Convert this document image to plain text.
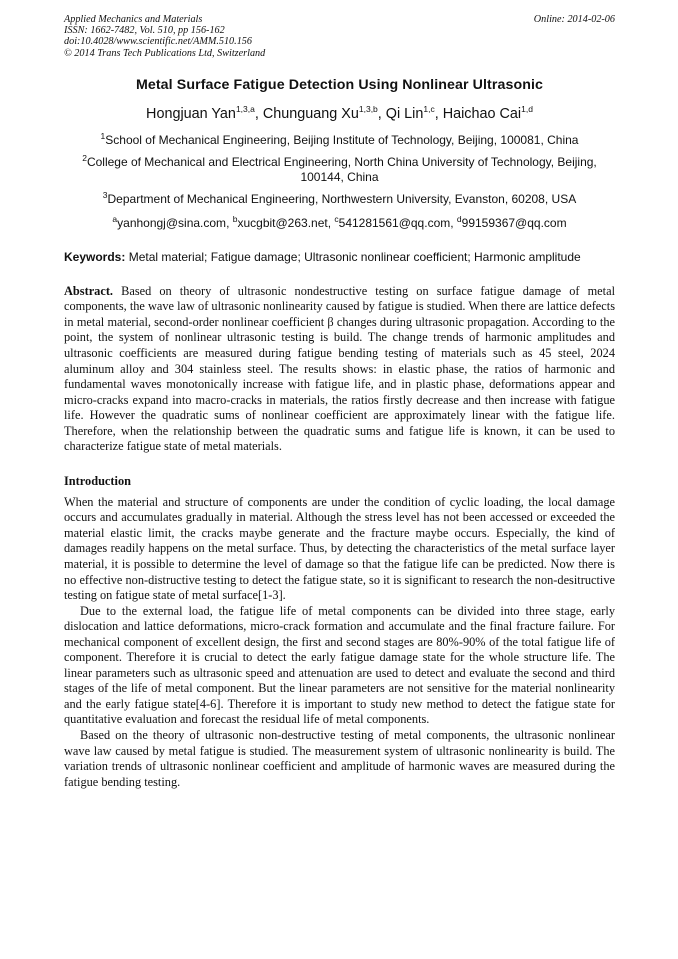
Applied Mechanics and Materials
ISSN: 1662-7482, Vol. 510, pp 156-162
doi:10.4028/www.scientific.net/AMM.510.156
© 2014 Trans Tech Publications Ltd, Switzerland
Online: 2014-02-06
Metal Surface Fatigue Detection Using Nonlinear Ultrasonic
Hongjuan Yan$^{1,3,a}$, Chunguang Xu$^{1,3,b}$, Qi Lin$^{1,c}$, Haichao Cai$^{1,d}$
$^1$School of Mechanical Engineering, Beijing Institute of Technology, Beijing, 100081, China
$^2$College of Mechanical and Electrical Engineering, North China University of Technology, Beijing, 100144, China
$^3$Department of Mechanical Engineering, Northwestern University, Evanston, 60208, USA
$^a$yanhongj@sina.com, $^b$xucgbit@263.net, $^c$541281561@qq.com, $^d$99159367@qq.com
Keywords: Metal material; Fatigue damage; Ultrasonic nonlinear coefficient; Harmonic amplitude
Abstract. Based on theory of ultrasonic nondestructive testing on surface fatigue damage of metal components, the wave law of ultrasonic nonlinearity caused by fatigue is studied. When there are lattice defects in metal material, second-order nonlinear coefficient β changes during ultrasonic propagation. According to the point, the system of nonlinear ultrasonic testing is build. The change trends of harmonic amplitudes and ultrasonic coefficients are measured during fatigue bending testing of materials such as 45 steel, 2024 aluminum alloy and 304 stainless steel. The results shows: in elastic phase, the ratios of harmonic and fundamental waves monotonically increase with fatigue life, and in plastic phase, deformations appear and micro-cracks expand into macro-cracks in materials, the ratios firstly decrease and then increase with fatigue life. However the quadratic sums of nonlinear coefficient are approximately linear with the fatigue life. Therefore, when the relationship between the quadratic sums and fatigue life is known, it can be used to characterize fatigue state of metal materials.
Introduction

When the material and structure of components are under the condition of cyclic loading, the local damage occurs and accumulates gradually in material. Although the stress level has not been accessed or exceeded the material elastic limit, the cracks maybe generate and the fracture maybe occurs. Especially, the kind of damages readily happens on the metal surface. Thus, by detecting the characteristics of the metal surface layer material, it is possible to determine the level of damage so that the fatigue life can be predicted. Now there is no effective non-distructive testing to detect the fatigue state, so it is significant to research the non-desitructive testing on fatigue state of metal surface[1-3].

Due to the external load, the fatigue life of metal components can be divided into three stage, early dislocation and lattice deformations, micro-crack formation and accumulate and the final fracture failure. For mechanical component of excellent design, the first and second stages are 80%-90% of the total fatigue life of component. Therefore it is crucial to detect the early fatigue damage state for the whole structure life. The linear parameters such as ultrasonic speed and attenuation are used to detect and evaluate the second and third stages of the life of metal component. But the linear parameters are not sensitive for the material nonlinearity and the early fatigue state[4-6]. Therefore it is important to study new method to detect the fatigue state for quantitative evaluation and forecast the residual life of metal components.

Based on the theory of ultrasonic non-destructive testing of metal components, the ultrasonic nonlinear wave law caused by metal fatigue is studied. The measurement system of ultrasonic nonlinearity is build. The variation trends of ultrasonic nonlinear coefficient and amplitude of harmonic waves are measured during the fatigue bending testing.
